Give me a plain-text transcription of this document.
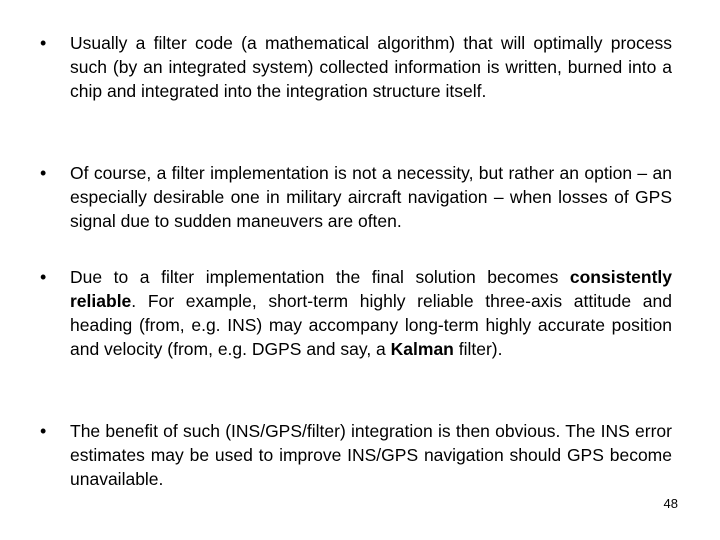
• Usually a filter code (a mathematical algorithm) that will optimally process such (by an integrated system) collected information is written, burned into a chip and integrated into the integration structure itself.
• Of course, a filter implementation is not a necessity, but rather an option – an especially desirable one in military aircraft navigation – when losses of GPS signal due to sudden maneuvers are often.
• Due to a filter implementation the final solution becomes consistently reliable. For example, short-term highly reliable three-axis attitude and heading (from, e.g. INS) may accompany long-term highly accurate position and velocity (from, e.g. DGPS and say, a Kalman filter).
• The benefit of such (INS/GPS/filter) integration is then obvious. The INS error estimates may be used to improve INS/GPS navigation should GPS become unavailable.
48
